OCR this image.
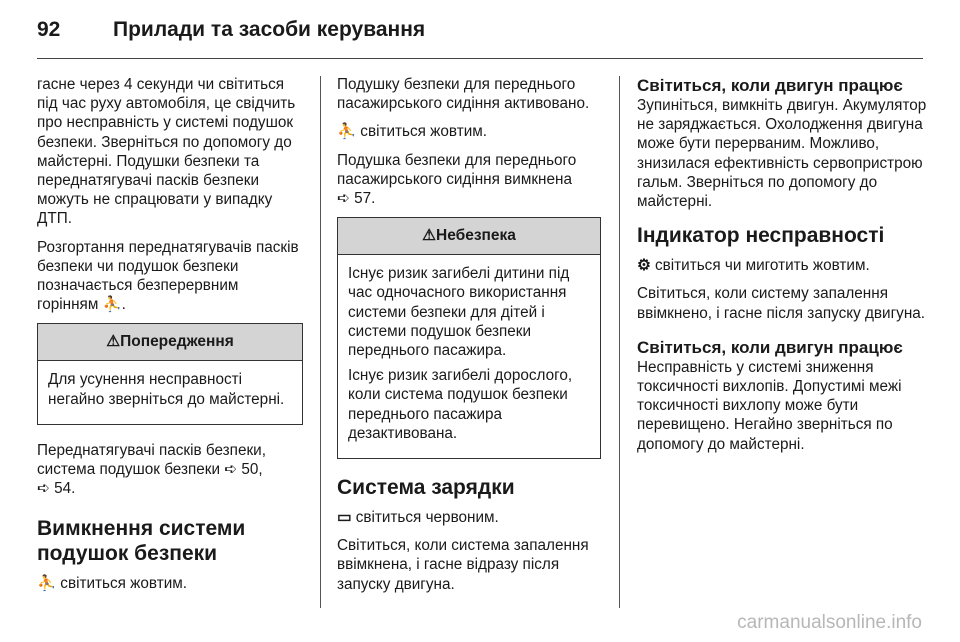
92	Прилади та засоби керування

гасне через 4 секунди чи світиться під час руху автомобіля, це свідчить про несправність у системі подушок безпеки. Зверніться по допомогу до майстерні. Подушки безпеки та переднатягувачі пасків безпеки можуть не спрацювати у випадку ДТП.

Розгортання переднатягувачів пасків безпеки чи подушок безпеки позначається безперервним горінням ⛹.

⚠Попередження

Для усунення несправності негайно зверніться до майстерні.

Переднатягувачі пасків безпеки, система подушок безпеки ➪ 50,
➪ 54.

Вимкнення системи подушок безпеки

⛹ світиться жовтим.

Подушку безпеки для переднього пасажирського сидіння активовано.

⛹ світиться жовтим.

Подушка безпеки для переднього пасажирського сидіння вимкнена
➪ 57.

⚠Небезпека

Існує ризик загибелі дитини під час одночасного використання системи безпеки для дітей і системи подушок безпеки переднього пасажира.

Існує ризик загибелі дорослого, коли система подушок безпеки переднього пасажира дезактивована.

Система зарядки

▭ світиться червоним.

Світиться, коли система запалення ввімкнена, і гасне відразу після запуску двигуна.

Світиться, коли двигун працює

Зупиніться, вимкніть двигун. Акумулятор не заряджається. Охолодження двигуна може бути перерваним. Можливо, знизилася ефективність сервопристрою гальм. Зверніться по допомогу до майстерні.

Індикатор несправності

⚙ світиться чи миготить жовтим.

Світиться, коли систему запалення ввімкнено, і гасне після запуску двигуна.

Світиться, коли двигун працює

Несправність у системі зниження токсичності вихлопів. Допустимі межі токсичності вихлопу може бути перевищено. Негайно зверніться по допомогу до майстерні.

carmanualsonline.info
